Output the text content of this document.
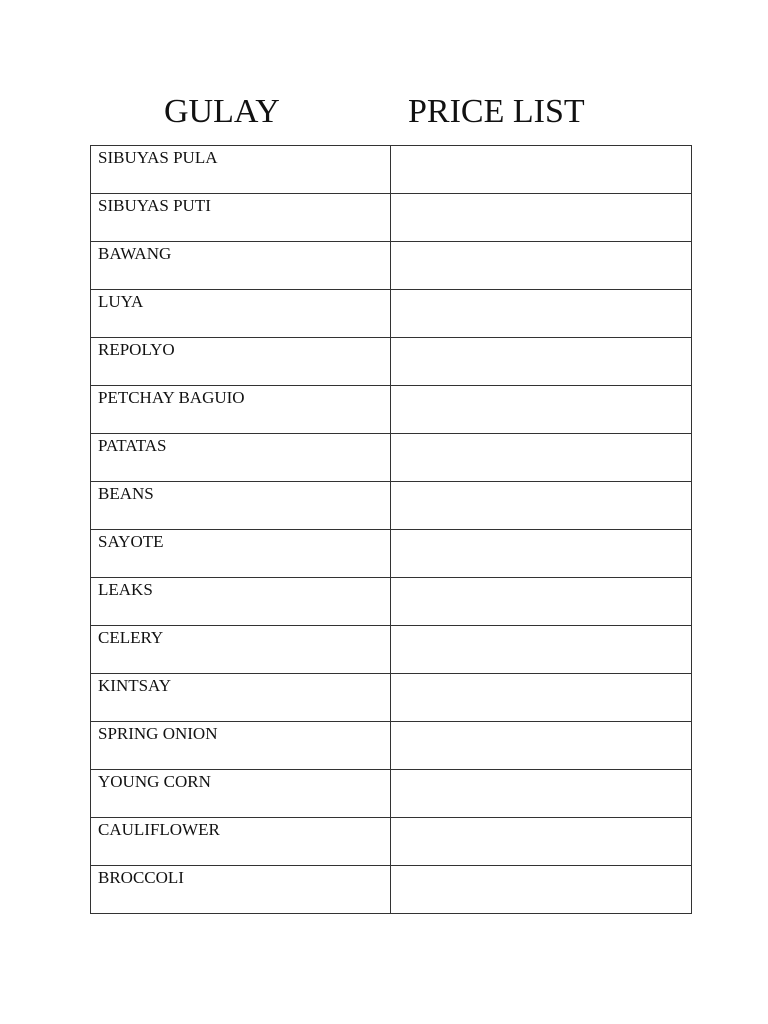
GULAY	PRICE LIST
SIBUYAS PULA	

SIBUYAS PUTI	

BAWANG	

LUYA	

REPOLYO	

PETCHAY BAGUIO	

PATATAS	

BEANS	

SAYOTE	

LEAKS	

CELERY	

KINTSAY	

SPRING ONION	

YOUNG CORN	

CAULIFLOWER	

BROCCOLI	
